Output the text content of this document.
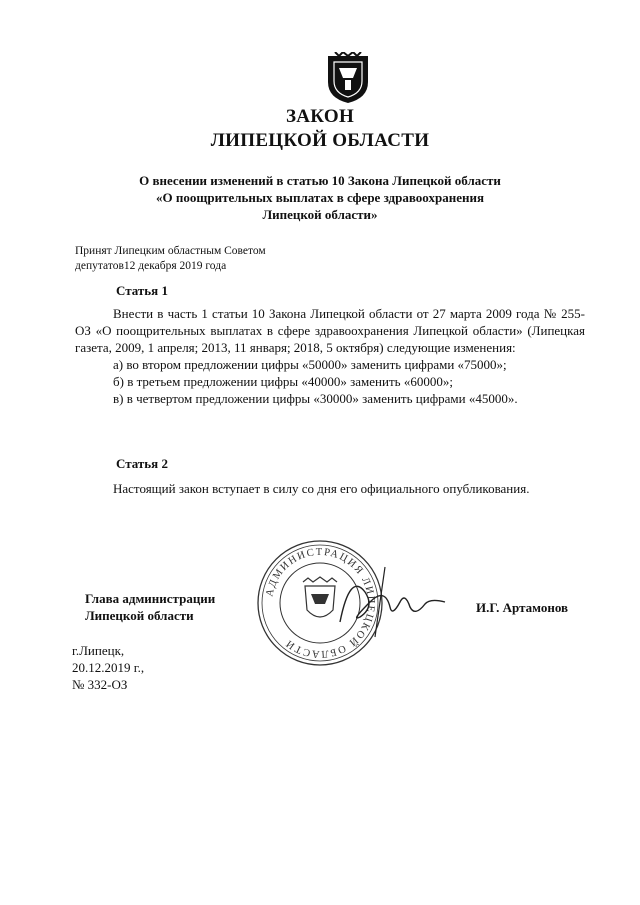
ЗАКОН
ЛИПЕЦКОЙ ОБЛАСТИ
О внесении изменений в статью 10 Закона Липецкой области
«О поощрительных выплатах в сфере здравоохранения
Липецкой области»
Принят Липецким областным Советом
депутатов12 декабря 2019 года
Статья 1

Внести в часть 1 статьи 10 Закона Липецкой области от 27 марта 2009 года № 255-ОЗ «О поощрительных выплатах в сфере здравоохранения Липецкой области» (Липецкая газета, 2009, 1 апреля; 2013, 11 января; 2018, 5 октября) следующие изменения:

а) во втором предложении цифры «50000» заменить цифрами «75000»;

б) в третьем предложении цифры «40000» заменить «60000»;

в) в четвертом предложении цифры «30000» заменить цифрами «45000».

Статья 2

Настоящий закон вступает в силу со дня его официального опубликования.

АДМИНИСТРАЦИЯ ЛИПЕЦКОЙ ОБЛАСТИ
Глава администрации
Липецкой области
И.Г. Артамонов
г.Липецк,
20.12.2019 г.,
№ 332-ОЗ
